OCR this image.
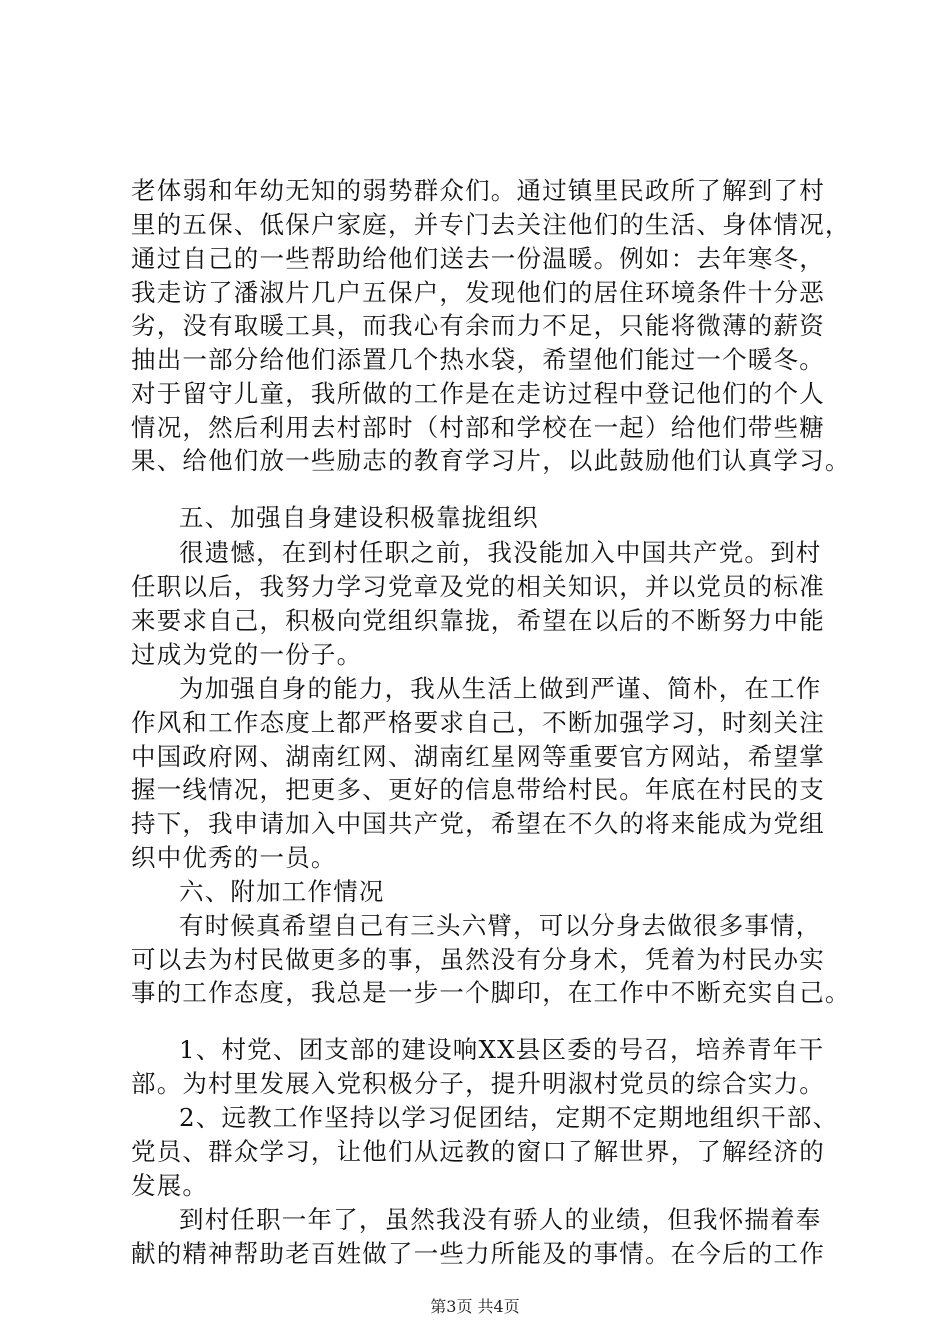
老体弱和年幼无知的弱势群众们。通过镇里民政所了解到了村
里的五保、低保户家庭，并专门去关注他们的生活、身体情况，
通过自己的一些帮助给他们送去一份温暖。例如：去年寒冬，
我走访了潘淑片几户五保户，发现他们的居住环境条件十分恶
劣，没有取暖工具，而我心有余而力不足，只能将微薄的薪资
抽出一部分给他们添置几个热水袋，希望他们能过一个暖冬。
对于留守儿童，我所做的工作是在走访过程中登记他们的个人
情况，然后利用去村部时（村部和学校在一起）给他们带些糖
果、给他们放一些励志的教育学习片，以此鼓励他们认真学习。
五、加强自身建设积极靠拢组织
很遗憾，在到村任职之前，我没能加入中国共产党。到村
任职以后，我努力学习党章及党的相关知识，并以党员的标准
来要求自己，积极向党组织靠拢，希望在以后的不断努力中能
过成为党的一份子。
为加强自身的能力，我从生活上做到严谨、简朴，在工作
作风和工作态度上都严格要求自己，不断加强学习，时刻关注
中国政府网、湖南红网、湖南红星网等重要官方网站，希望掌
握一线情况，把更多、更好的信息带给村民。年底在村民的支
持下，我申请加入中国共产党，希望在不久的将来能成为党组
织中优秀的一员。
六、附加工作情况
有时候真希望自己有三头六臂，可以分身去做很多事情，
可以去为村民做更多的事，虽然没有分身术，凭着为村民办实
事的工作态度，我总是一步一个脚印，在工作中不断充实自己。
1、村党、团支部的建设响XX县区委的号召，培养青年干
部。为村里发展入党积极分子，提升明淑村党员的综合实力。
2、远教工作坚持以学习促团结，定期不定期地组织干部、
党员、群众学习，让他们从远教的窗口了解世界，了解经济的
发展。
到村任职一年了，虽然我没有骄人的业绩，但我怀揣着奉
献的精神帮助老百姓做了一些力所能及的事情。在今后的工作
第3页 共4页
